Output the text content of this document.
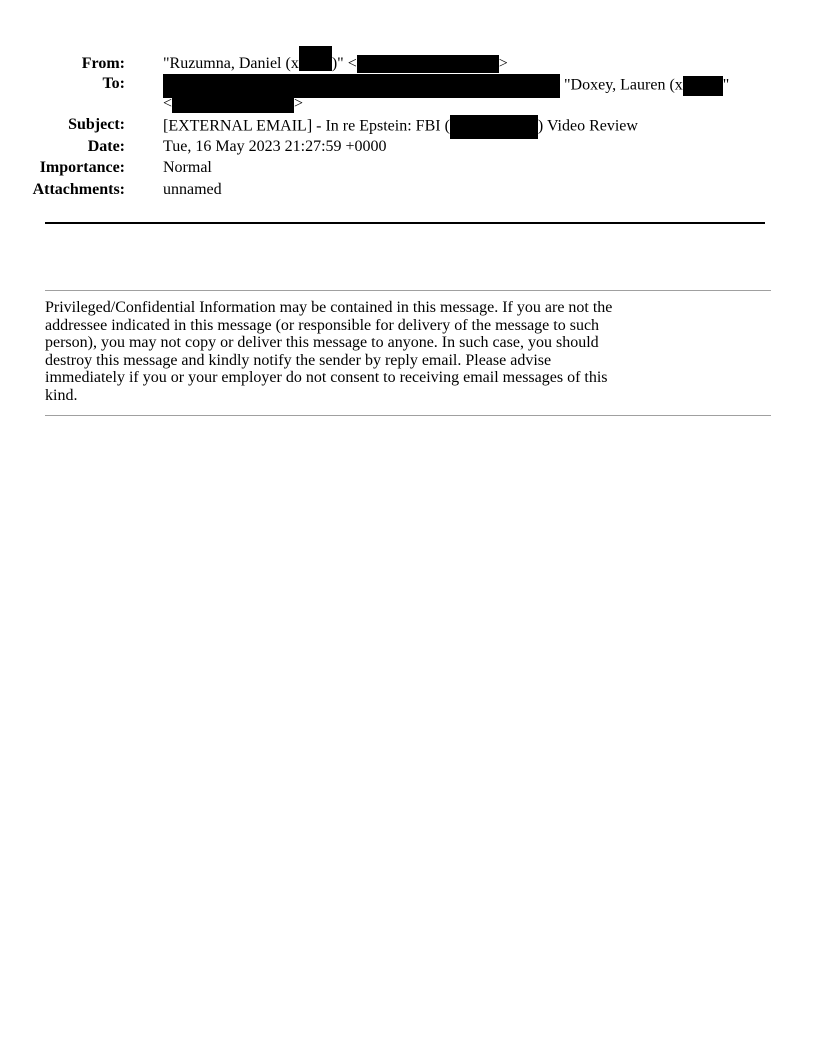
From: "Ruzumna, Daniel (x )" <	>
To:	"Doxey, Lauren (x	"
<	>
Subject: [EXTERNAL EMAIL] - In re Epstein: FBI (	) Video Review
Date: Tue, 16 May 2023 21:27:59 +0000
Importance: Normal
Attachments: unnamed
Privileged/Confidential Information may be contained in this message. If you are not the addressee indicated in this message (or responsible for delivery of the message to such person), you may not copy or deliver this message to anyone. In such case, you should destroy this message and kindly notify the sender by reply email. Please advise immediately if you or your employer do not consent to receiving email messages of this kind.
